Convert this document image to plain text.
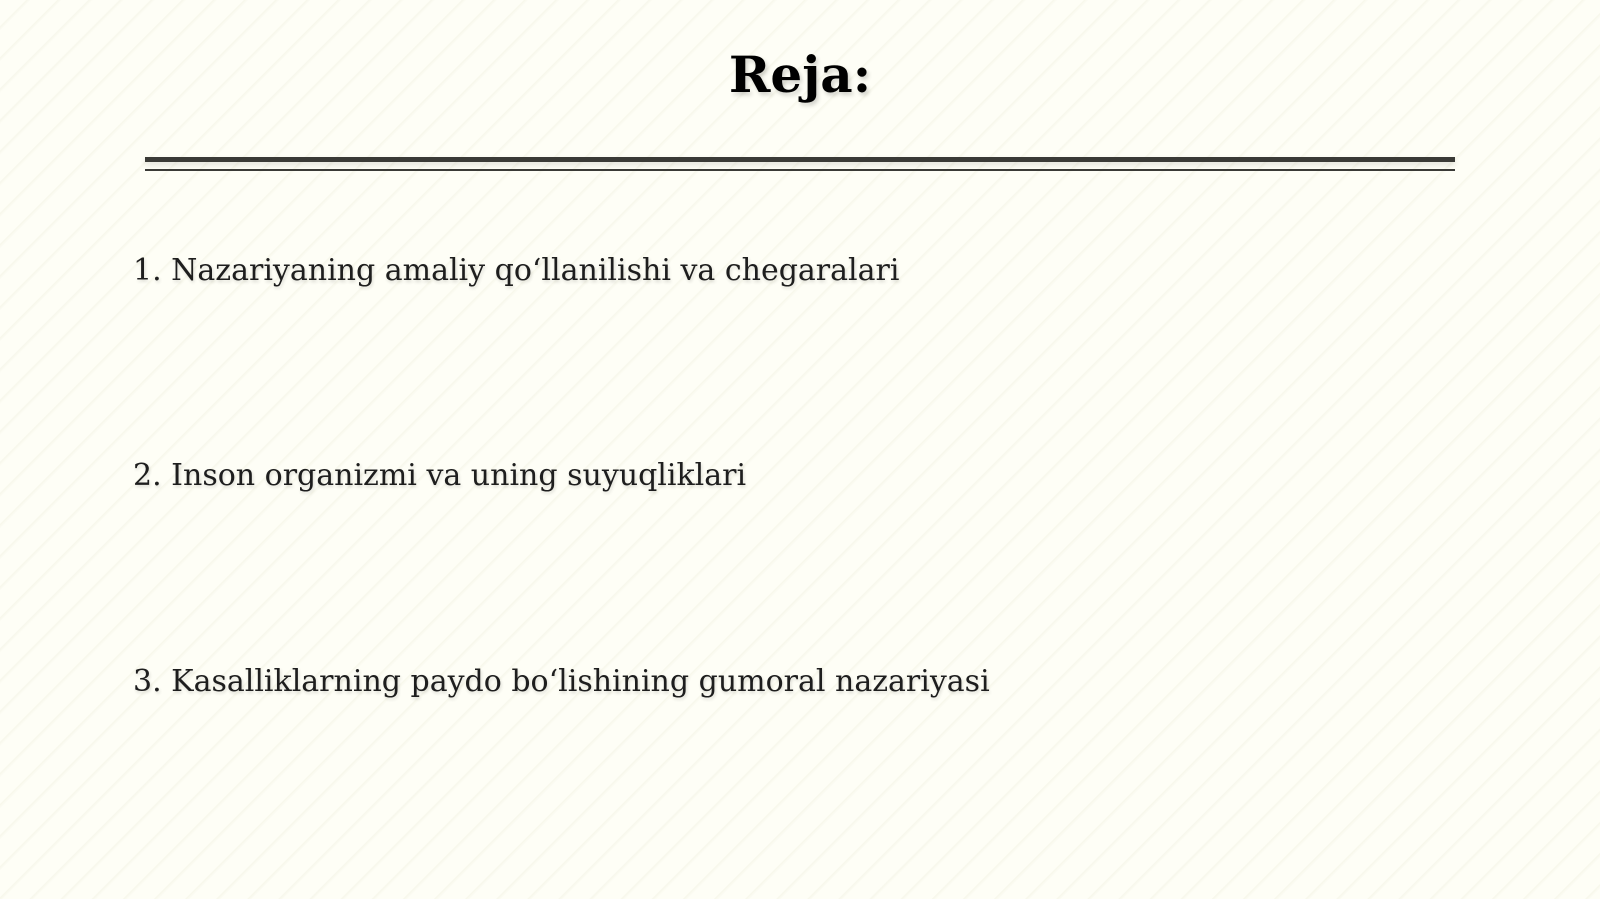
Reja:
1. Nazariyaning amaliy qo‘llanilishi va chegaralari
2. Inson organizmi va uning suyuqliklari
3. Kasalliklarning paydo bo‘lishining gumoral nazariyasi
